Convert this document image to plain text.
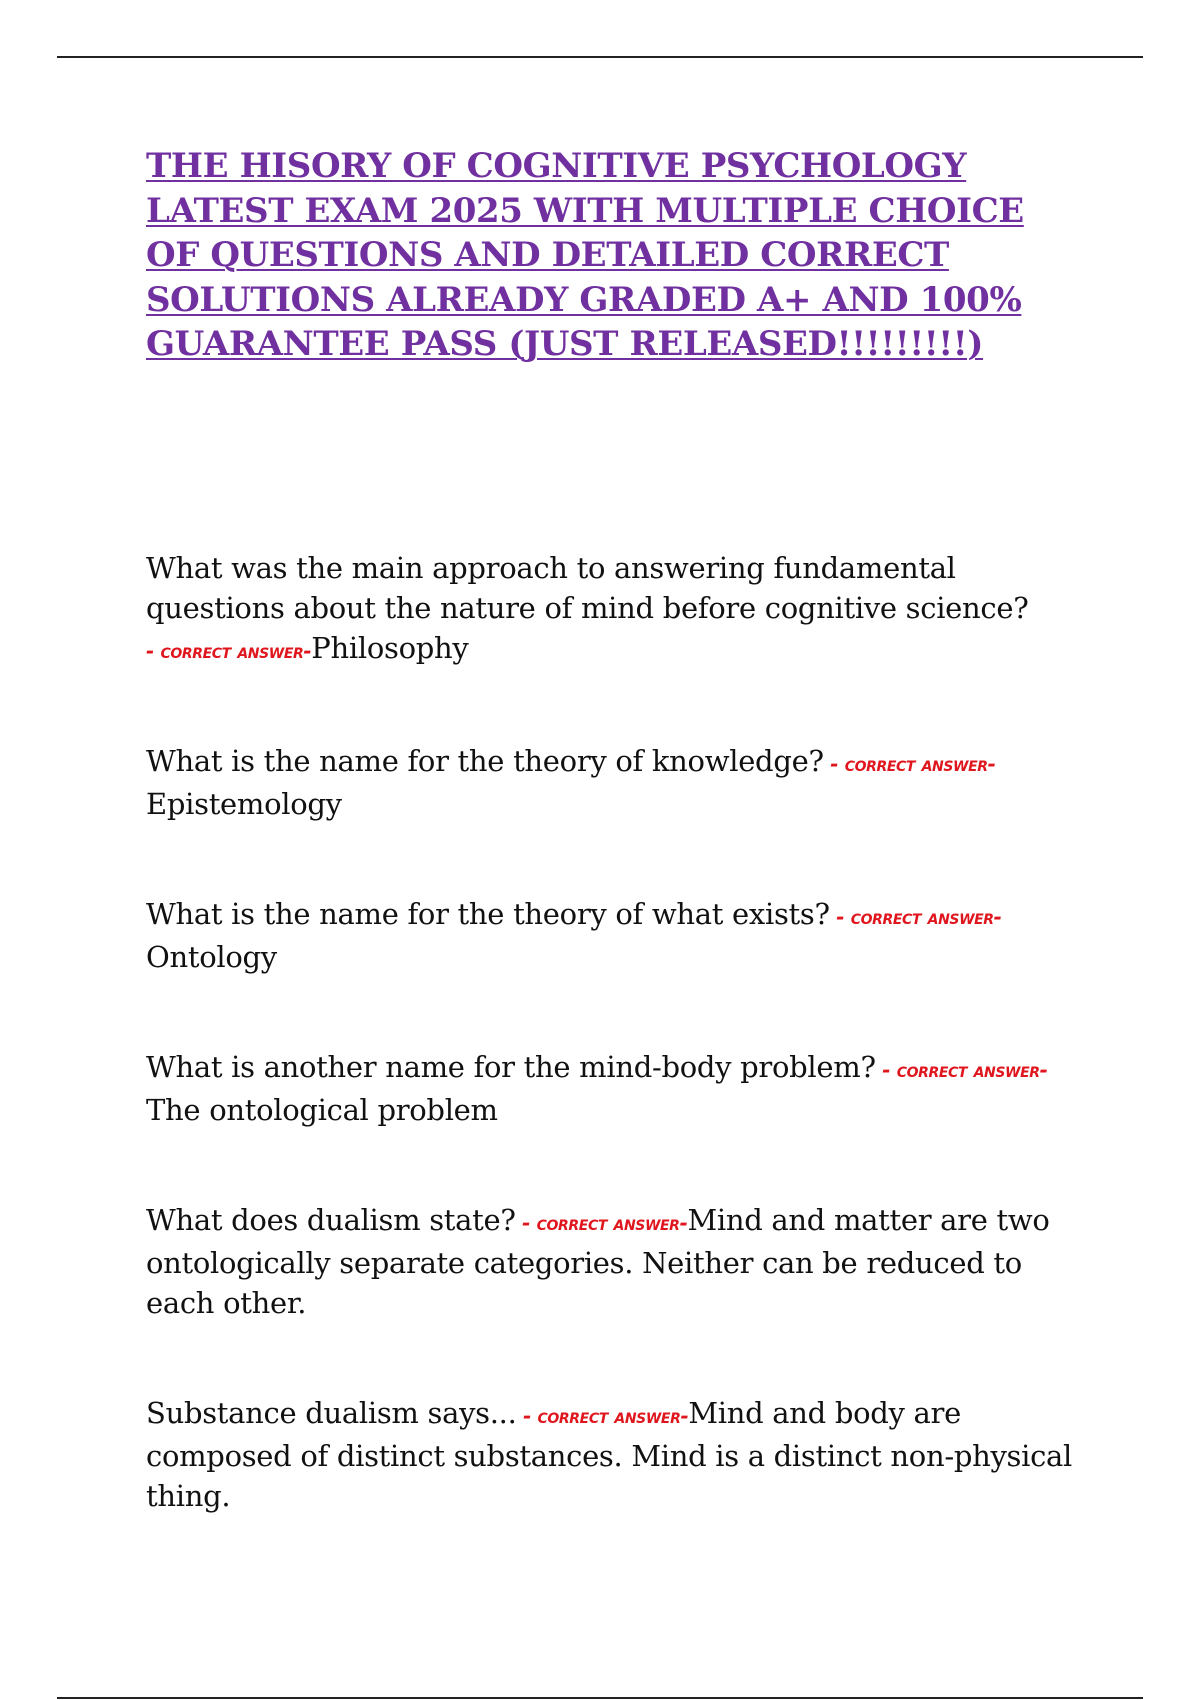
THE HISORY OF COGNITIVE PSYCHOLOGY LATEST EXAM 2025 WITH MULTIPLE CHOICE OF QUESTIONS AND DETAILED CORRECT SOLUTIONS ALREADY GRADED A+ AND 100% GUARANTEE PASS (JUST RELEASED!!!!!!!!!)

What was the main approach to answering fundamental questions about the nature of mind before cognitive science? - correct answer-Philosophy

What is the name for the theory of knowledge? - correct answer-
Epistemology

What is the name for the theory of what exists? - correct answer-
Ontology

What is another name for the mind-body problem? - correct answer-The ontological problem

What does dualism state? - correct answer-Mind and matter are two ontologically separate categories. Neither can be reduced to each other.

Substance dualism says... - correct answer-Mind and body are composed of distinct substances. Mind is a distinct non-physical thing.
